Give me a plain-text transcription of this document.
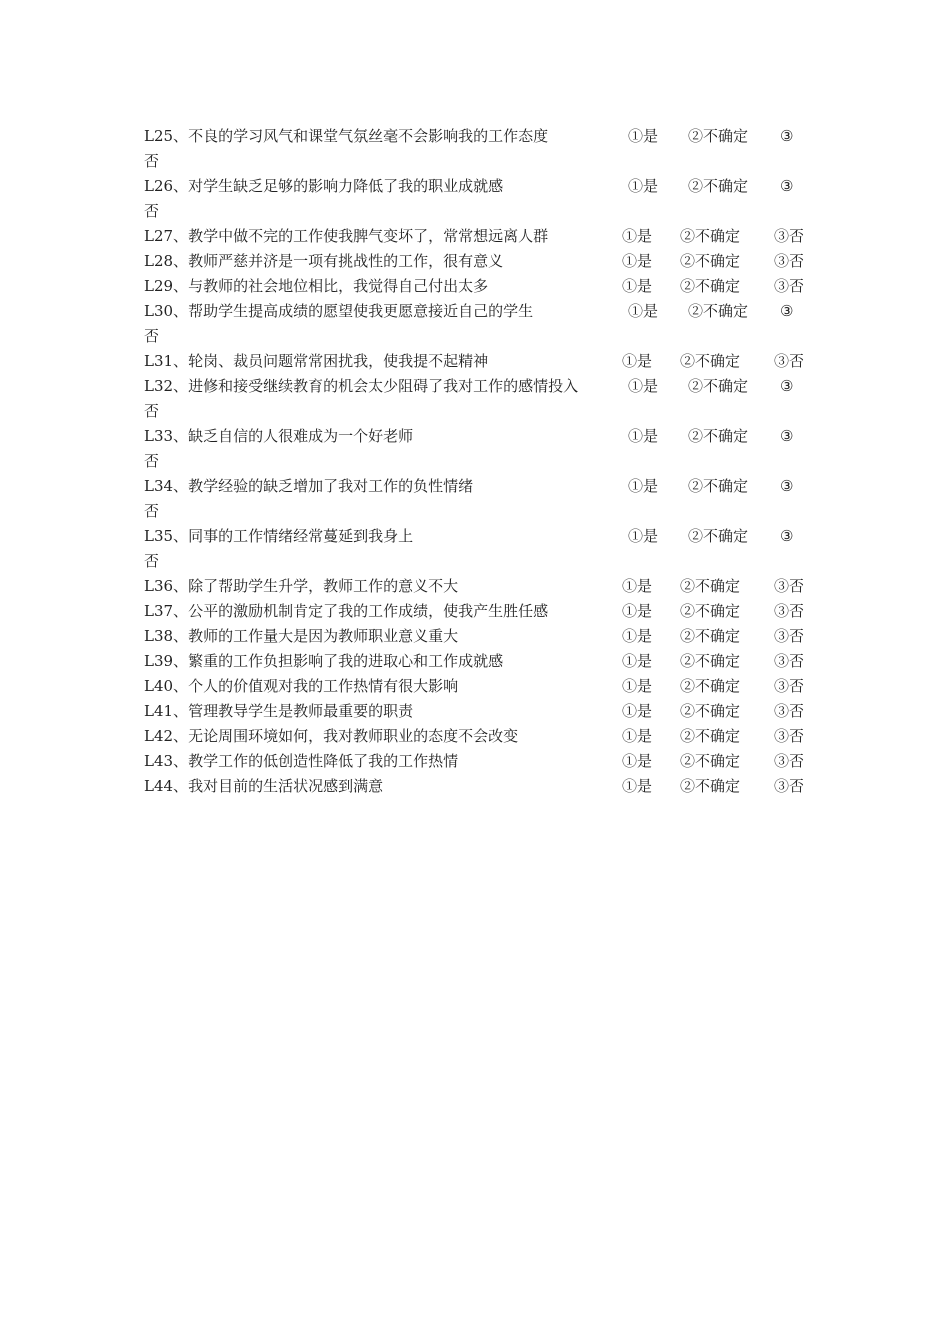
L25、不良的学习风气和课堂气氛丝毫不会影响我的工作态度	①是 ②不确定 ③
否
L26、对学生缺乏足够的影响力降低了我的职业成就感	①是 ②不确定 ③
否
L27、教学中做不完的工作使我脾气变坏了，常常想远离人群	①是 ②不确定 ③否
L28、教师严慈并济是一项有挑战性的工作，很有意义	①是 ②不确定 ③否
L29、与教师的社会地位相比，我觉得自己付出太多	①是 ②不确定 ③否
L30、帮助学生提高成绩的愿望使我更愿意接近自己的学生	①是 ②不确定 ③
否
L31、轮岗、裁员问题常常困扰我，使我提不起精神	①是 ②不确定 ③否
L32、进修和接受继续教育的机会太少阻碍了我对工作的感情投入	①是 ②不确定 ③
否
L33、缺乏自信的人很难成为一个好老师	①是 ②不确定 ③
否
L34、教学经验的缺乏增加了我对工作的负性情绪	①是 ②不确定 ③
否
L35、同事的工作情绪经常蔓延到我身上	①是 ②不确定 ③
否
L36、除了帮助学生升学，教师工作的意义不大	①是 ②不确定 ③否
L37、公平的激励机制肯定了我的工作成绩，使我产生胜任感	①是 ②不确定 ③否
L38、教师的工作量大是因为教师职业意义重大	①是 ②不确定 ③否
L39、繁重的工作负担影响了我的进取心和工作成就感	①是 ②不确定 ③否
L40、个人的价值观对我的工作热情有很大影响	①是 ②不确定 ③否
L41、管理教导学生是教师最重要的职责	①是 ②不确定 ③否
L42、无论周围环境如何，我对教师职业的态度不会改变	①是 ②不确定 ③否
L43、教学工作的低创造性降低了我的工作热情	①是 ②不确定 ③否
L44、我对目前的生活状况感到满意	①是 ②不确定 ③否
